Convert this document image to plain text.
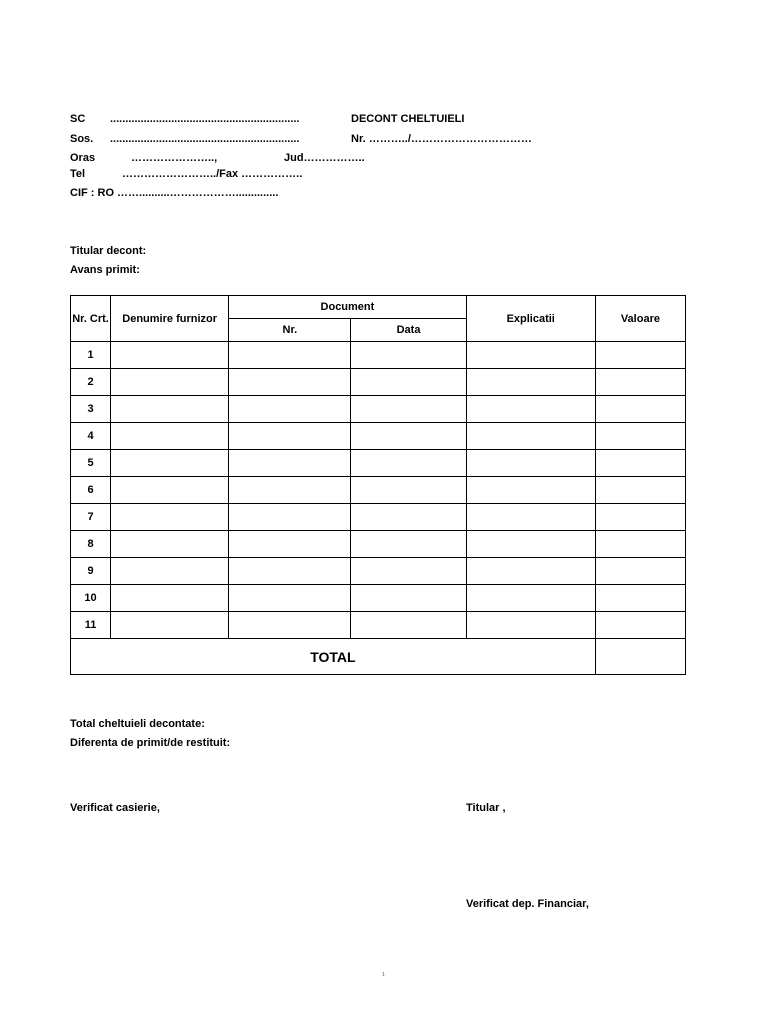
SC ..............................................................	DECONT CHELTUIELI
Sos. ..............................................................	Nr. ………../……………………………
Oras	…………………..,	Jud……………..
Tel	……………………../Fax ……………..
CIF : RO ……..........………………..............
Titular decont:
Avans primit:
Nr. Crt.	Denumire furnizor	Document		Explicatii	Valoare
		Nr.	Data		
1					
2					
3					
4					
5					
6					
7					
8					
9					
10					
11					
TOTAL					
Total cheltuieli decontate:
Diferenta de primit/de restituit:
Verificat casierie,	Titular ,
Verificat dep. Financiar,
1
